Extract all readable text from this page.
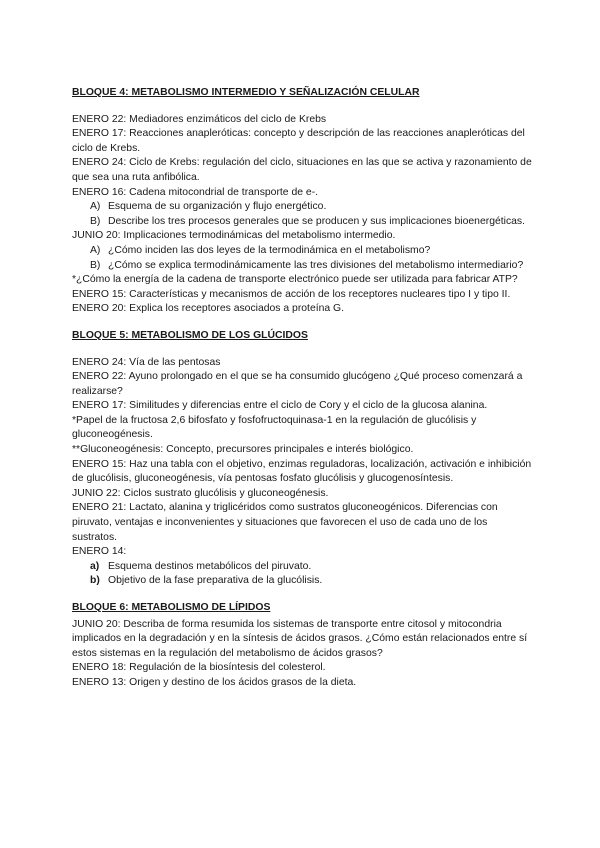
BLOQUE 4: METABOLISMO INTERMEDIO Y SEÑALIZACIÓN CELULAR

ENERO 22: Mediadores enzimáticos del ciclo de Krebs

ENERO 17: Reacciones anapleróticas: concepto y descripción de las reacciones anapleróticas del ciclo de Krebs.

ENERO 24: Ciclo de Krebs: regulación del ciclo, situaciones en las que se activa y razonamiento de que sea una ruta anfibólica.

ENERO 16: Cadena mitocondrial de transporte de e-.

A) Esquema de su organización y flujo energético.
B) Describe los tres procesos generales que se producen y sus implicaciones bioenergéticas.

JUNIO 20: Implicaciones termodinámicas del metabolismo intermedio.

A) ¿Cómo inciden las dos leyes de la termodinámica en el metabolismo?
B) ¿Cómo se explica termodinámicamente las tres divisiones del metabolismo intermediario?

*¿Cómo la energía de la cadena de transporte electrónico puede ser utilizada para fabricar ATP?

ENERO 15: Características y mecanismos de acción de los receptores nucleares tipo I y tipo II.

ENERO 20: Explica los receptores asociados a proteína G.

BLOQUE 5: METABOLISMO DE LOS GLÚCIDOS

ENERO 24: Vía de las pentosas

ENERO 22: Ayuno prolongado en el que se ha consumido glucógeno ¿Qué proceso comenzará a realizarse?

ENERO 17: Similitudes y diferencias entre el ciclo de Cory y el ciclo de la glucosa alanina.

*Papel de la fructosa 2,6 bifosfato y fosfofructoquinasa-1 en la regulación de glucólisis y gluconeogénesis.

**Gluconeogénesis: Concepto, precursores principales e interés biológico.

ENERO 15: Haz una tabla con el objetivo, enzimas reguladoras, localización, activación e inhibición de glucólisis, gluconeogénesis, vía pentosas fosfato glucólisis y glucogenosíntesis.

JUNIO 22: Ciclos sustrato glucólisis y gluconeogénesis.

ENERO 21: Lactato, alanina y triglicéridos como sustratos gluconeogénicos. Diferencias con piruvato, ventajas e inconvenientes y situaciones que favorecen el uso de cada uno de los sustratos.

ENERO 14:

a) Esquema destinos metabólicos del piruvato.
b) Objetivo de la fase preparativa de la glucólisis.
BLOQUE 6: METABOLISMO DE LÍPIDOS

JUNIO 20: Describa de forma resumida los sistemas de transporte entre citosol y mitocondria implicados en la degradación y en la síntesis de ácidos grasos. ¿Cómo están relacionados entre sí estos sistemas en la regulación del metabolismo de ácidos grasos?

ENERO 18: Regulación de la biosíntesis del colesterol.

ENERO 13: Origen y destino de los ácidos grasos de la dieta.
